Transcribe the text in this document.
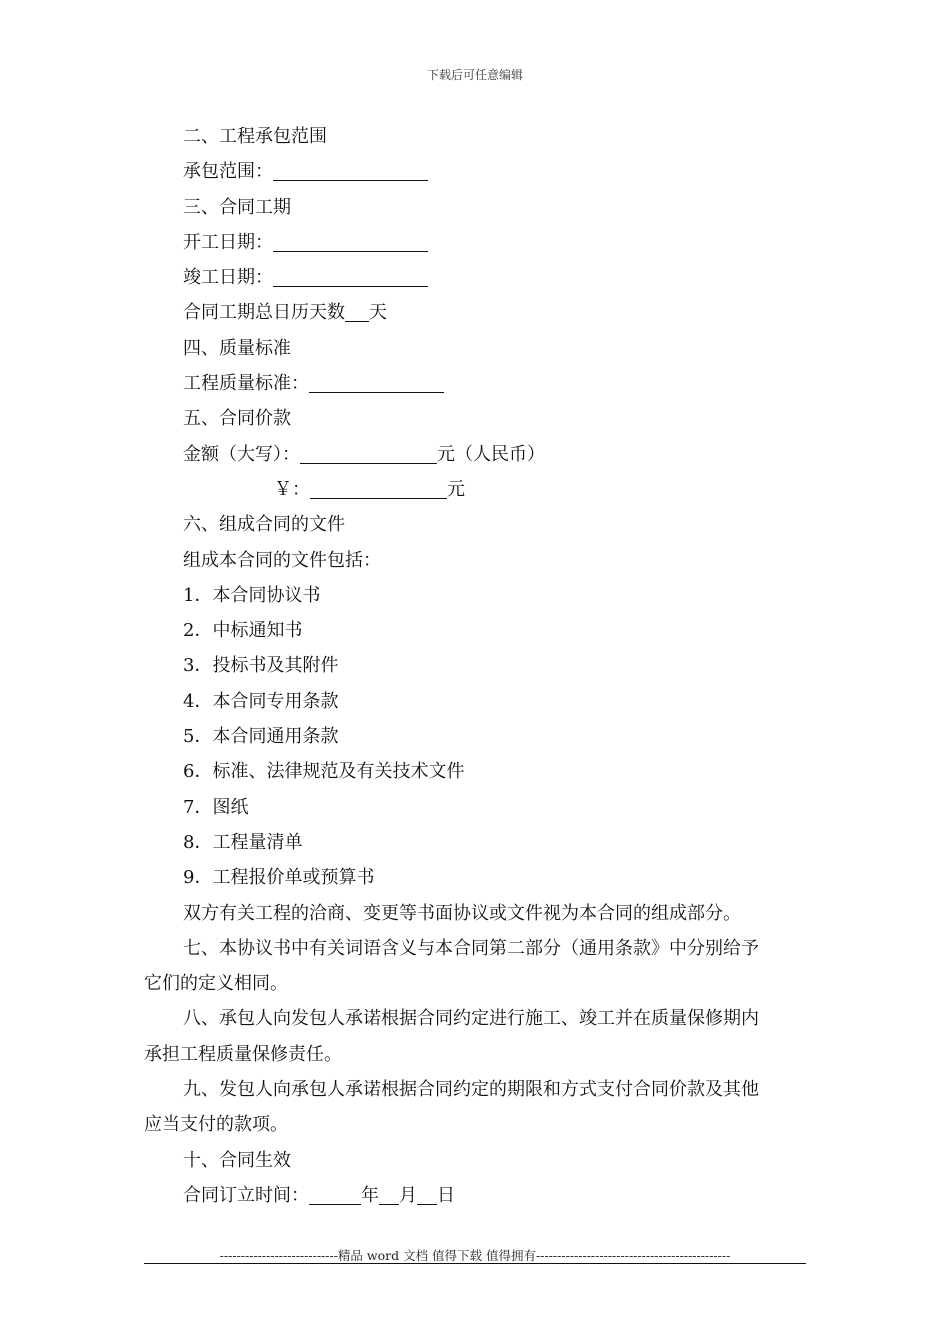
下载后可任意编辑
二、工程承包范围
承包范围：
三、合同工期
开工日期：
竣工日期：
合同工期总日历天数 天
四、质量标准
工程质量标准：
五、合同价款
金额（大写）：	元（人民币）
￥：	元
六、组成合同的文件
组成本合同的文件包括：
1．本合同协议书
2．中标通知书
3．投标书及其附件
4．本合同专用条款
5．本合同通用条款
6．标准、法律规范及有关技术文件
7．图纸
8．工程量清单
9．工程报价单或预算书
双方有关工程的洽商、变更等书面协议或文件视为本合同的组成部分。
七、本协议书中有关词语含义与本合同第二部分（通用条款》中分别给予
它们的定义相同。
八、承包人向发包人承诺根据合同约定进行施工、竣工并在质量保修期内
承担工程质量保修责任。
九、发包人向承包人承诺根据合同约定的期限和方式支付合同价款及其他
应当支付的款项。
十、合同生效
合同订立时间：	年 月 日
----------------------------精品 word 文档 值得下载 值得拥有----------------------------------------------
